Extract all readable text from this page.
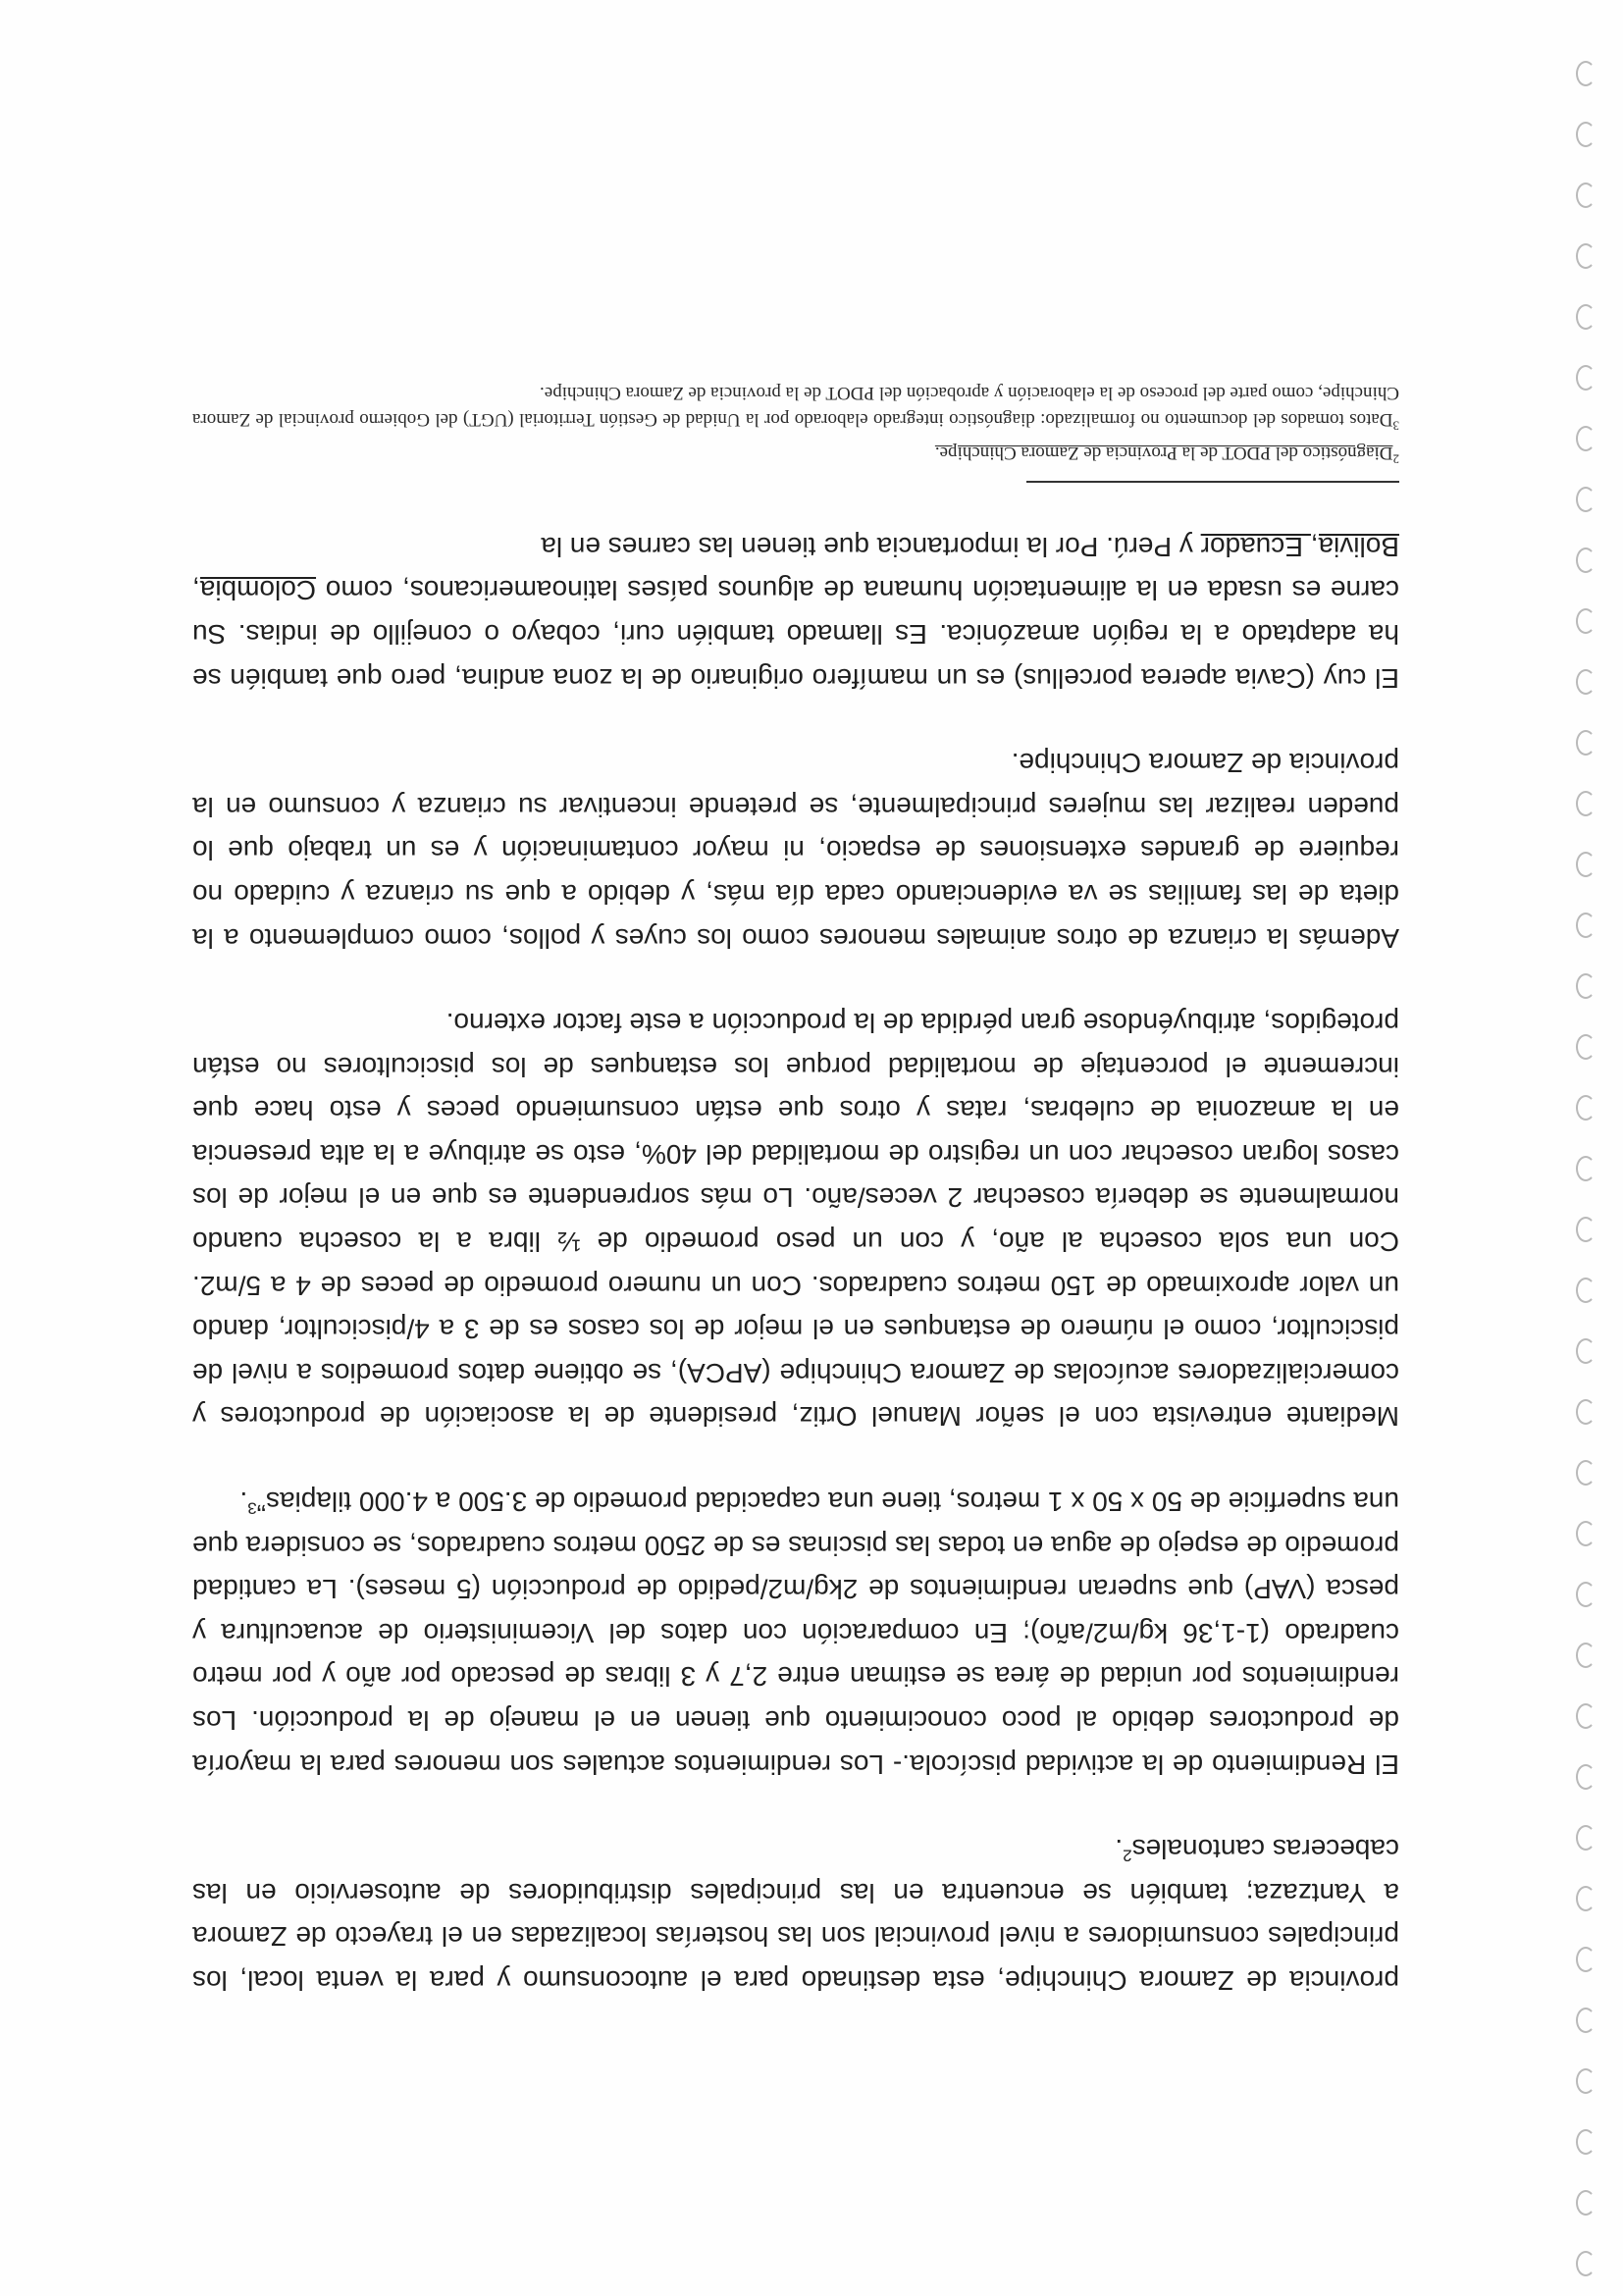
provincia de Zamora Chinchipe, esta destinado para el autoconsumo y para la venta local, los principales consumidores a nivel provincial son las hosterías localizadas en el trayecto de Zamora a Yantzaza; también se encuentra en las principales distribuidores de autoservicio en las cabeceras cantonales$^2$.

El Rendimiento de la actividad piscícola.- Los rendimientos actuales son menores para la mayoría de productores debido al poco conocimiento que tienen en el manejo de la producción. Los rendimientos por unidad de área se estiman entre 2,7 y 3 libras de pescado por año y por metro cuadrado (1-1,36 kg/m2/año); En comparación con datos del Viceministerio de acuacultura y pesca (VAP) que superan rendimientos de 2kg/m2/pedido de producción (5 meses). La cantidad promedio de espejo de agua en todas las piscinas es de 2500 metros cuadrados, se considera que una superficie de 50 x 50 x 1 metros, tiene una capacidad promedio de 3.500 a 4.000 tilapias”$^3$.

Mediante entrevista con el señor Manuel Ortiz, presidente de la asociación de productores y comercializadores acuícolas de Zamora Chinchipe (APCA), se obtiene datos promedios a nivel de piscicultor, como el número de estanques en el mejor de los casos es de 3 a 4/piscicultor, dando un valor aproximado de 150 metros cuadrados. Con un numero promedio de peces de 4 a 5/m2. Con una sola cosecha al año, y con un peso promedio de ½ libra a la cosecha cuando normalmente se debería cosechar 2 veces/año. Lo más sorprendente es que en el mejor de los casos logran cosechar con un registro de mortalidad del 40%, esto se atribuye a la alta presencia en la amazonia de culebras, ratas y otros que están consumiendo peces y esto hace que incremente el porcentaje de mortalidad porque los estanques de los piscicultores no están protegidos, atribuyéndose gran pérdida de la producción a este factor externo.

Además la crianza de otros animales menores como los cuyes y pollos, como complemento a la dieta de las familias se va evidenciando cada día más, y debido a que su crianza y cuidado no requiere de grandes extensiones de espacio, ni mayor contaminación y es un trabajo que lo pueden realizar las mujeres principalmente, se pretende incentivar su crianza y consumo en la provincia de Zamora Chinchipe.

El cuy (Cavia aperea porcellus) es un mamífero originario de la zona andina, pero que también se ha adaptado a la región amazónica. Es llamado también curi, cobayo o conejillo de indias. Su carne es usada en la alimentación humana de algunos países latinoamericanos, como Colombia, Bolivia, Ecuador y Perú. Por la importancia que tienen las carnes en la

$^2$Diagnóstico del PDOT de la Provincia de Zamora Chinchipe.

$^3$Datos tomados del documento no formalizado: diagnóstico integrado elaborado por la Unidad de Gestión Territorial (UGT) del Gobierno provincial de Zamora Chinchipe, como parte del proceso de la elaboración y aprobación del PDOT de la provincia de Zamora Chinchipe.
